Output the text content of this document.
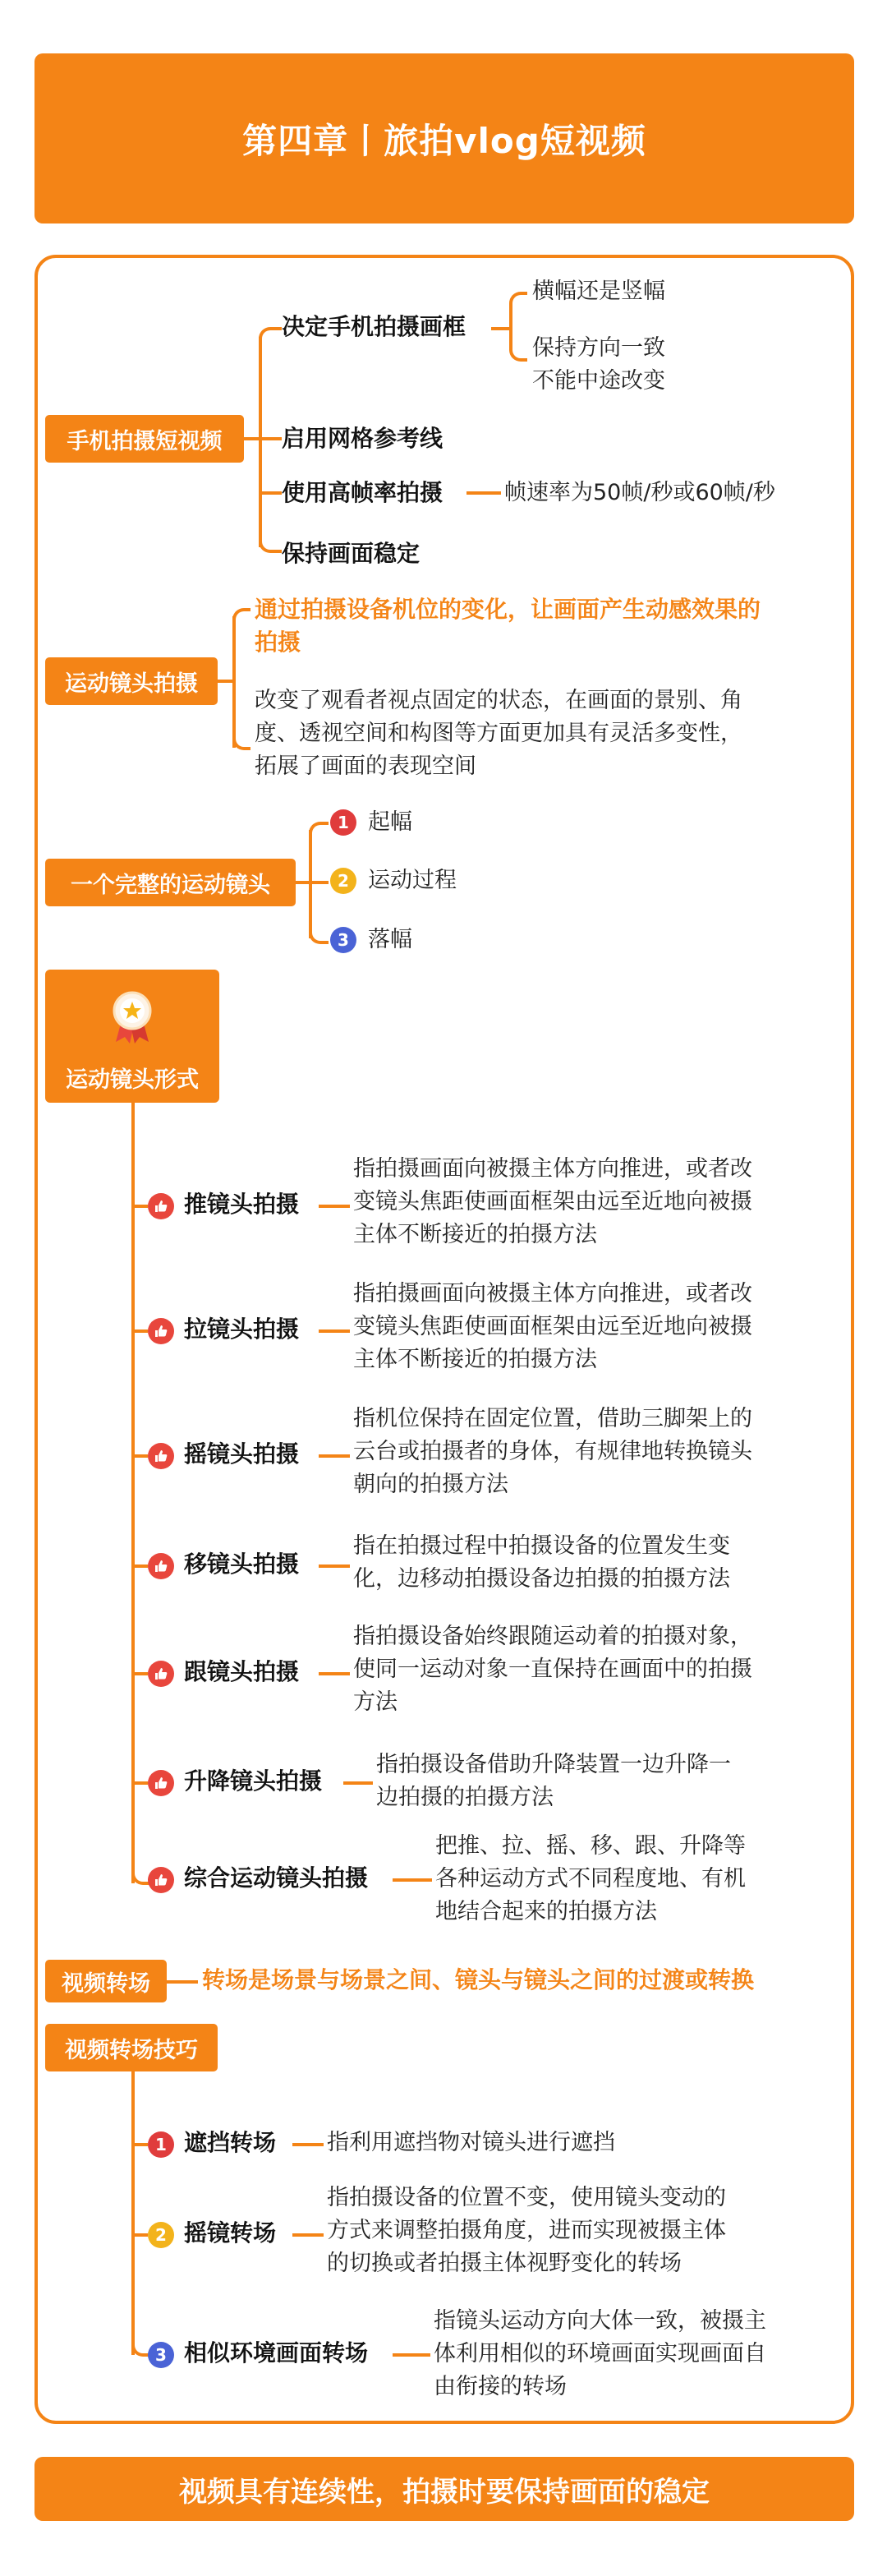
第四章丨旅拍vlog短视频
手机拍摄短视频
决定手机拍摄画框
横幅还是竖幅
保持方向一致
不能中途改变
启用网格参考线
使用高帧率拍摄	帧速率为50帧/秒或60帧/秒
保持画面稳定
运动镜头拍摄
通过拍摄设备机位的变化，让画面产生动感效果的
拍摄
改变了观看者视点固定的状态，在画面的景别、角
度、透视空间和构图等方面更加具有灵活多变性，
拓展了画面的表现空间
一个完整的运动镜头
1 起幅
2 运动过程
3 落幅
运动镜头形式
推镜头拍摄
指拍摄画面向被摄主体方向推进，或者改
变镜头焦距使画面框架由远至近地向被摄
主体不断接近的拍摄方法
拉镜头拍摄
指拍摄画面向被摄主体方向推进，或者改
变镜头焦距使画面框架由远至近地向被摄
主体不断接近的拍摄方法
摇镜头拍摄
指机位保持在固定位置，借助三脚架上的
云台或拍摄者的身体，有规律地转换镜头
朝向的拍摄方法
移镜头拍摄
指在拍摄过程中拍摄设备的位置发生变
化，边移动拍摄设备边拍摄的拍摄方法
跟镜头拍摄
指拍摄设备始终跟随运动着的拍摄对象，
使同一运动对象一直保持在画面中的拍摄
方法
升降镜头拍摄
指拍摄设备借助升降装置一边升降一
边拍摄的拍摄方法
综合运动镜头拍摄
把推、拉、摇、移、跟、升降等
各种运动方式不同程度地、有机
地结合起来的拍摄方法
视频转场 转场是场景与场景之间、镜头与镜头之间的过渡或转换
视频转场技巧
1 遮挡转场 指利用遮挡物对镜头进行遮挡
2 摇镜转场
指拍摄设备的位置不变，使用镜头变动的
方式来调整拍摄角度，进而实现被摄主体
的切换或者拍摄主体视野变化的转场
3 相似环境画面转场
指镜头运动方向大体一致，被摄主
体利用相似的环境画面实现画面自
由衔接的转场
视频具有连续性，拍摄时要保持画面的稳定
